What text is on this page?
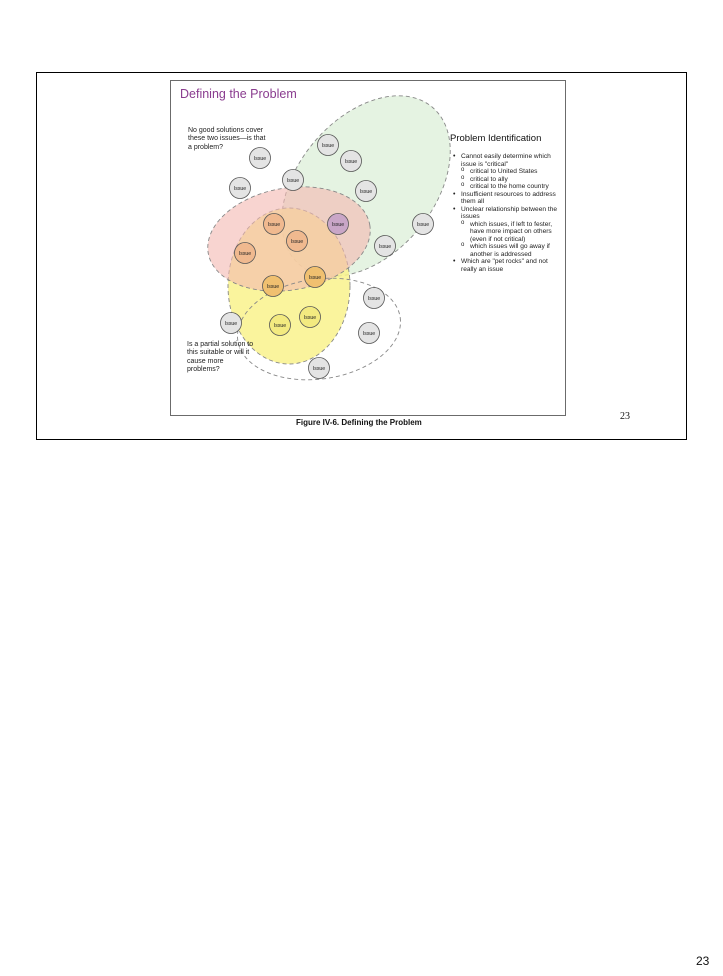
Defining the Problem
Issue
Issue	Issue
Issue
Issue
Issue
Issue
Issue
Issue	Issue
Issue
Issue
Issue
Issue
Issue
Issue
Issue
Issue
Issue
Issue
No good solutions cover these two issues—is that a problem?
Is a partial solution to this suitable or will it cause more problems?
Problem Identification
• Cannot easily determine which issue is "critical"
o critical to United States
o critical to ally
o critical to the home country
• Insufficient resources to address them all
• Unclear relationship between the issues
o which issues, if left to fester, have more impact on others (even if not critical)
o which issues will go away if another is addressed
• Which are "pet rocks" and not really an issue
Figure IV-6. Defining the Problem
23
23
